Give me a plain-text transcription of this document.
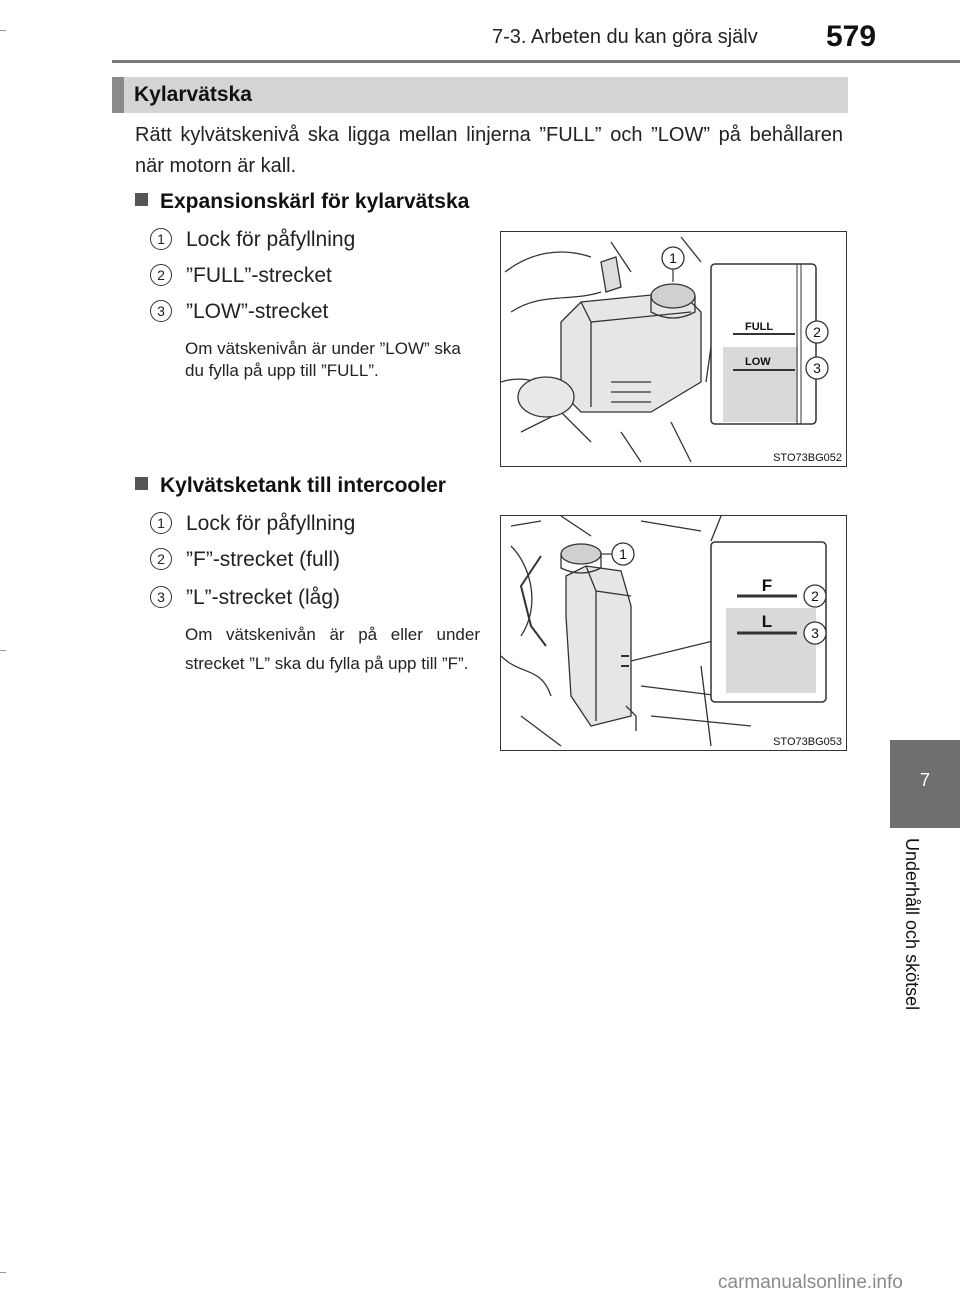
7-3. Arbeten du kan göra själv 579
Kylarvätska
Rätt kylvätskenivå ska ligga mellan linjerna ”FULL” och ”LOW” på behållaren när motorn är kall.
Expansionskärl för kylarvätska
1 Lock för påfyllning
2 ”FULL”-strecket
3 ”LOW”-strecket
Om vätskenivån är under ”LOW” ska du fylla på upp till ”FULL”.
1
FULL
LOW
2
3
STO73BG052
Kylvätsketank till intercooler
1 Lock för påfyllning
2 ”F”-strecket (full)
3 ”L”-strecket (låg)
Om vätskenivån är på eller under strecket ”L” ska du fylla på upp till ”F”.
1
F
L
2
3
STO73BG053
7
Underhåll och skötsel
carmanualsonline.info
